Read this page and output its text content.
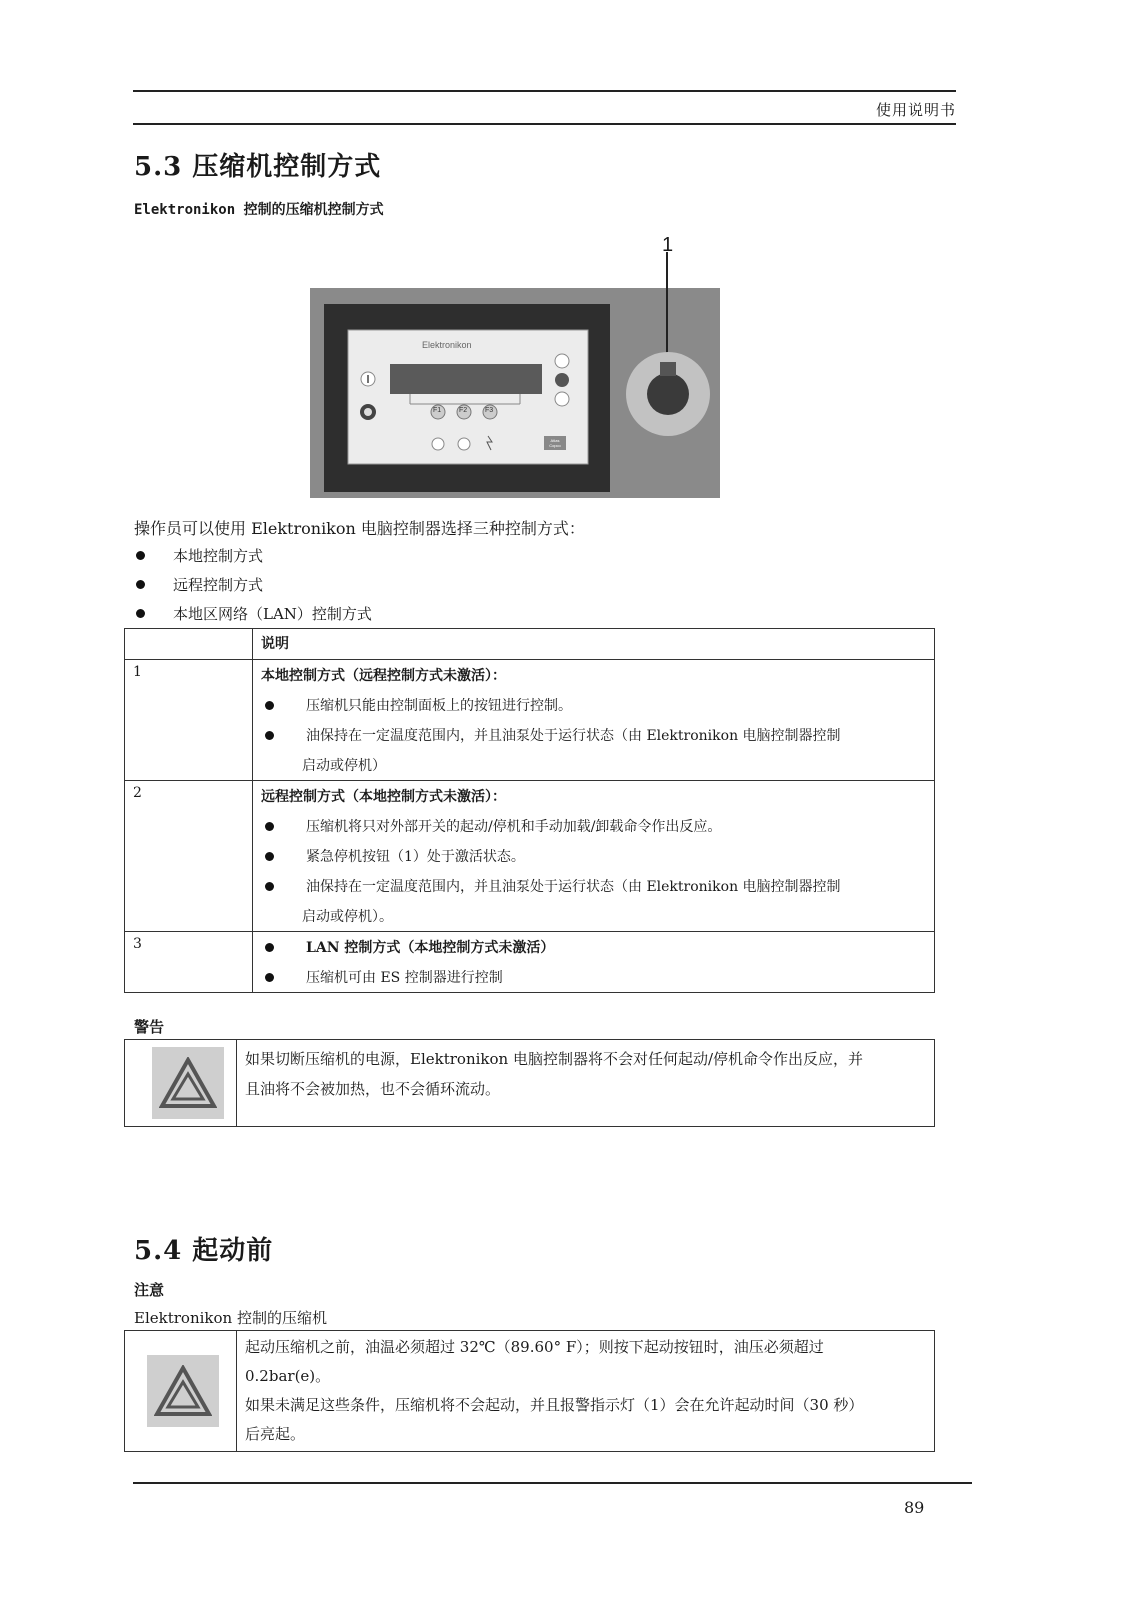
使用说明书
5.3 压缩机控制方式
Elektronikon 控制的压缩机控制方式
1
Elektronikon
F1	F2	F3
Atlas Copco
操作员可以使用 Elektronikon 电脑控制器选择三种控制方式：
本地控制方式
远程控制方式
本地区网络（LAN）控制方式
	说明
1	本地控制方式（远程控制方式未激活）：
压缩机只能由控制面板上的按钮进行控制。
油保持在一定温度范围内，并且油泵处于运行状态（由 Elektronikon 电脑控制器控制
启动或停机）

2	远程控制方式（本地控制方式未激活）：
压缩机将只对外部开关的起动/停机和手动加载/卸载命令作出反应。
紧急停机按钮（1）处于激活状态。
油保持在一定温度范围内，并且油泵处于运行状态（由 Elektronikon 电脑控制器控制
启动或停机）。

3	LAN 控制方式（本地控制方式未激活）
压缩机可由 ES 控制器进行控制
警告

如果切断压缩机的电源，Elektronikon 电脑控制器将不会对任何起动/停机命令作出反应，并
且油将不会被加热，也不会循环流动。
5.4 起动前
注意
Elektronikon 控制的压缩机

起动压缩机之前，油温必须超过 32℃（89.60° F）；则按下起动按钮时，油压必须超过
0.2bar(e)。
如果未满足这些条件，压缩机将不会起动，并且报警指示灯（1）会在允许起动时间（30 秒）
后亮起。
89
